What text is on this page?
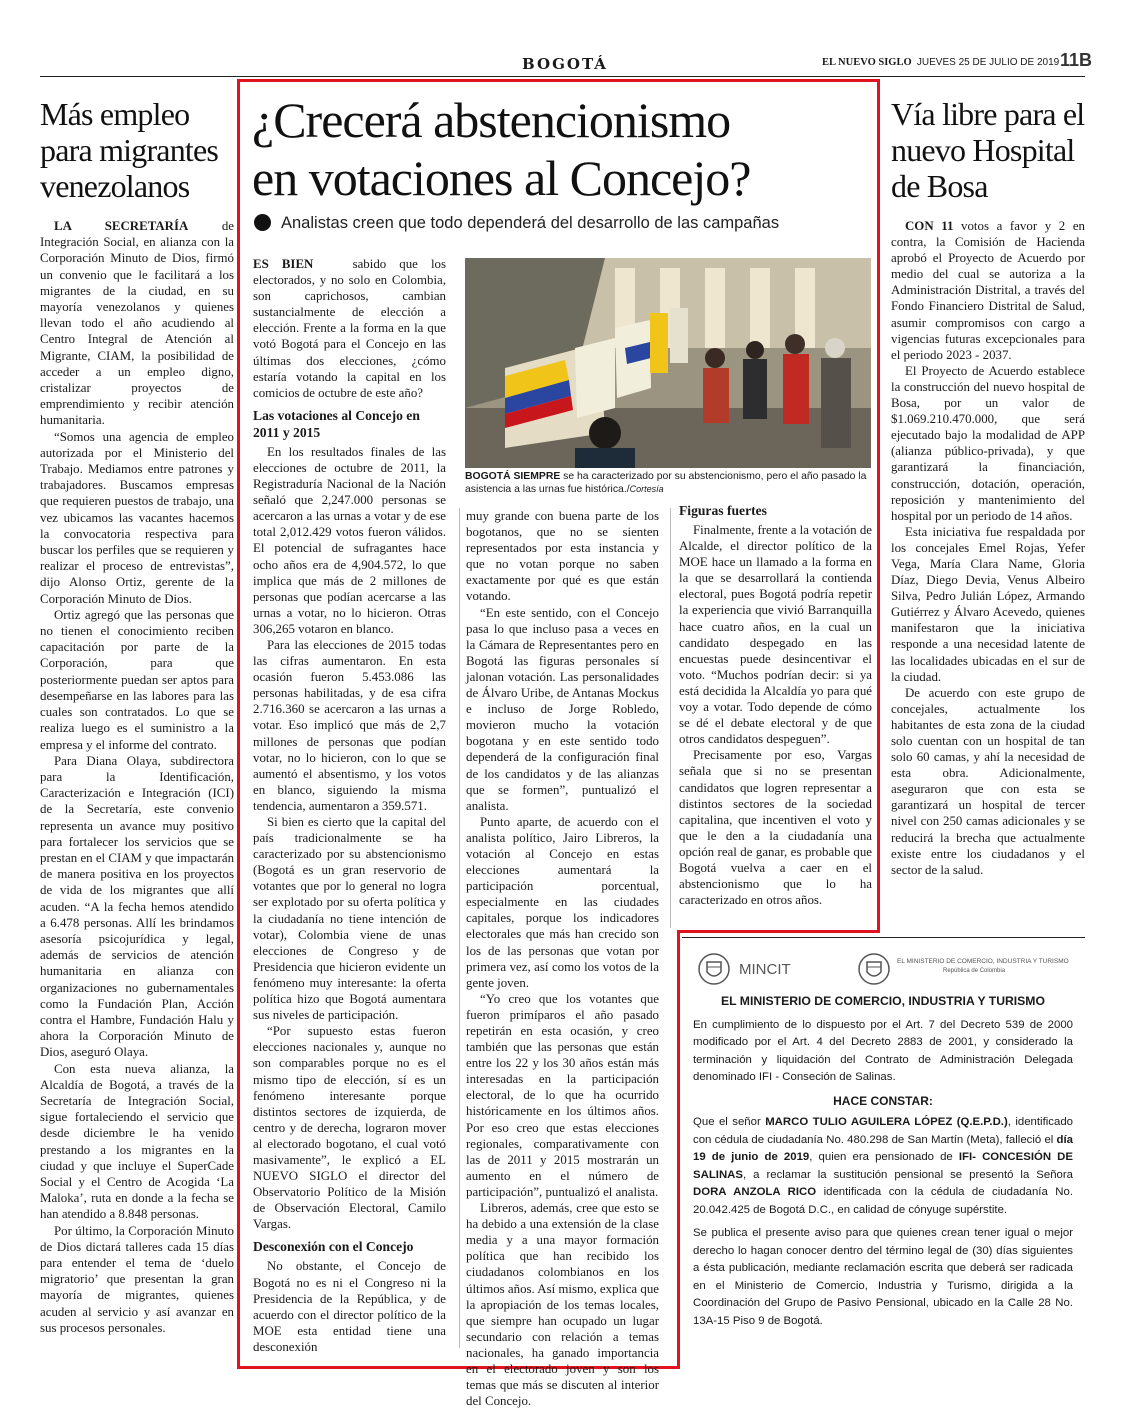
BOGOTÁ	EL NUEVO SIGLO JUEVES 25 DE JULIO DE 2019 11B
Más empleo para migrantes venezolanos

LA SECRETARÍA de Integración Social, en alianza con la Corporación Minuto de Dios, firmó un convenio que le facilitará a los migrantes de la ciudad, en su mayoría venezolanos y quienes llevan todo el año acudiendo al Centro Integral de Atención al Migrante, CIAM, la posibilidad de acceder a un empleo digno, cristalizar proyectos de emprendimiento y recibir atención humanitaria.

“Somos una agencia de empleo autorizada por el Ministerio del Trabajo. Mediamos entre patrones y trabajadores. Buscamos empresas que requieren puestos de trabajo, una vez ubicamos las vacantes hacemos la convocatoria respectiva para buscar los perfiles que se requieren y realizar el proceso de entrevistas”, dijo Alonso Ortiz, gerente de la Corporación Minuto de Dios.

Ortiz agregó que las personas que no tienen el conocimiento reciben capacitación por parte de la Corporación, para que posteriormente puedan ser aptos para desempeñarse en las labores para las cuales son contratados. Lo que se realiza luego es el suministro a la empresa y el informe del contrato.

Para Diana Olaya, subdirectora para la Identificación, Caracterización e Integración (ICI) de la Secretaría, este convenio representa un avance muy positivo para fortalecer los servicios que se prestan en el CIAM y que impactarán de manera positiva en los proyectos de vida de los migrantes que allí acuden. “A la fecha hemos atendido a 6.478 personas. Allí les brindamos asesoría psicojurídica y legal, además de servicios de atención humanitaria en alianza con organizaciones no gubernamentales como la Fundación Plan, Acción contra el Hambre, Fundación Halu y ahora la Corporación Minuto de Dios, aseguró Olaya.

Con esta nueva alianza, la Alcaldía de Bogotá, a través de la Secretaría de Integración Social, sigue fortaleciendo el servicio que desde diciembre le ha venido prestando a los migrantes en la ciudad y que incluye el SuperCade Social y el Centro de Acogida ‘La Maloka’, ruta en donde a la fecha se han atendido a 8.848 personas.

Por último, la Corporación Minuto de Dios dictará talleres cada 15 días para entender el tema de ‘duelo migratorio’ que presentan la gran mayoría de migrantes, quienes acuden al servicio y así avanzar en sus procesos personales.

¿Crecerá abstencionismo
en votaciones al Concejo?
Analistas creen que todo dependerá del desarrollo de las campañas

ES BIEN   sabido que los electorados, y no solo en Colombia, son caprichosos, cambian sustancialmente de elección a elección. Frente a la forma en la que votó Bogotá para el Concejo en las últimas dos elecciones, ¿cómo estaría votando la capital en los comicios de octubre de este año?

Las votaciones al Concejo en 2011 y 2015

En los resultados finales de las elecciones de octubre de 2011, la Registraduría Nacional de la Nación señaló que 2,247.000 personas se acercaron a las urnas a votar y de ese total 2,012.429 votos fueron válidos. El potencial de sufragantes hace ocho años era de 4,904.572, lo que implica que más de 2 millones de personas que podían acercarse a las urnas a votar, no lo hicieron. Otras 306,265 votaron en blanco.

Para las elecciones de 2015 todas las cifras aumentaron. En esta ocasión fueron 5.453.086 las personas habilitadas, y de esa cifra 2.716.360 se acercaron a las urnas a votar. Eso implicó que más de 2,7 millones de personas que podían votar, no lo hicieron, con lo que se aumentó el absentismo, y los votos en blanco, siguiendo la misma tendencia, aumentaron a 359.571.

Si bien es cierto que la capital del país tradicionalmente se ha caracterizado por su abstencionismo (Bogotá es un gran reservorio de votantes que por lo general no logra ser explotado por su oferta política y la ciudadanía no tiene intención de votar), Colombia viene de unas elecciones de Congreso y de Presidencia que hicieron evidente un fenómeno muy interesante: la oferta política hizo que Bogotá aumentara sus niveles de participación.

“Por supuesto estas fueron elecciones nacionales y, aunque no son comparables porque no es el mismo tipo de elección, sí es un fenómeno interesante porque distintos sectores de izquierda, de centro y de derecha, lograron mover al electorado bogotano, el cual votó masivamente”, le explicó a EL NUEVO SIGLO el director del Observatorio Político de la Misión de Observación Electoral, Camilo Vargas.

Desconexión con el Concejo

No obstante, el Concejo de Bogotá no es ni el Congreso ni la Presidencia de la República, y de acuerdo con el director político de la MOE esta entidad tiene una desconexión

BOGOTÁ SIEMPRE se ha caracterizado por su abstencionismo, pero el año pasado la asistencia a las urnas fue histórica./Cortesía

muy grande con buena parte de los bogotanos, que no se sienten representados por esta instancia y que no votan porque no saben exactamente por qué es que están votando.

“En este sentido, con el Concejo pasa lo que incluso pasa a veces en la Cámara de Representantes pero en Bogotá las figuras personales sí jalonan votación. Las personalidades de Álvaro Uribe, de Antanas Mockus e incluso de Jorge Robledo, movieron mucho la votación bogotana y en este sentido todo dependerá de la configuración final de los candidatos y de las alianzas que se formen”, puntualizó el analista.

Punto aparte, de acuerdo con el analista político, Jairo Libreros, la votación al Concejo en estas elecciones aumentará la participación porcentual, especialmente en las ciudades capitales, porque los indicadores electorales que más han crecido son los de las personas que votan por primera vez, así como los votos de la gente joven.

“Yo creo que los votantes que fueron primíparos el año pasado repetirán en esta ocasión, y creo también que las personas que están entre los 22 y los 30 años están más interesadas en la participación electoral, de lo que ha ocurrido históricamente en los últimos años. Por eso creo que estas elecciones regionales, comparativamente con las de 2011 y 2015 mostrarán un aumento en el número de participación”, puntualizó el analista.

Libreros, además, cree que esto se ha debido a una extensión de la clase media y a una mayor formación política que han recibido los ciudadanos colombianos en los últimos años. Así mismo, explica que la apropiación de los temas locales, que siempre han ocupado un lugar secundario con relación a temas nacionales, ha ganado importancia en el electorado joven y son los temas que más se discuten al interior del Concejo.

Figuras fuertes

Finalmente, frente a la votación de Alcalde, el director político de la MOE hace un llamado a la forma en la que se desarrollará la contienda electoral, pues Bogotá podría repetir la experiencia que vivió Barranquilla hace cuatro años, en la cual un candidato despegado en las encuestas puede desincentivar el voto. “Muchos podrían decir: si ya está decidida la Alcaldía yo para qué voy a votar. Todo depende de cómo se dé el debate electoral y de que otros candidatos despeguen”.

Precisamente por eso, Vargas señala que si no se presentan candidatos que logren representar a distintos sectores de la sociedad capitalina, que incentiven el voto y que le den a la ciudadanía una opción real de ganar, es probable que Bogotá vuelva a caer en el abstencionismo que lo ha caracterizado en otros años.

Vía libre para el nuevo Hospital de Bosa

CON 11 votos a favor y 2 en contra, la Comisión de Hacienda aprobó el Proyecto de Acuerdo por medio del cual se autoriza a la Administración Distrital, a través del Fondo Financiero Distrital de Salud, asumir compromisos con cargo a vigencias futuras excepcionales para el periodo 2023 - 2037.

El Proyecto de Acuerdo establece la construcción del nuevo hospital de Bosa, por un valor de $1.069.210.470.000, que será ejecutado bajo la modalidad de APP (alianza público-privada), y que garantizará la financiación, construcción, dotación, operación, reposición y mantenimiento del hospital por un periodo de 14 años.

Esta iniciativa fue respaldada por los concejales Emel Rojas, Yefer Vega, María Clara Name, Gloria Díaz, Diego Devia, Venus Albeiro Silva, Pedro Julián López, Armando Gutiérrez y Álvaro Acevedo, quienes manifestaron que la iniciativa responde a una necesidad latente de las localidades ubicadas en el sur de la ciudad.

De acuerdo con este grupo de concejales, actualmente los habitantes de esta zona de la ciudad solo cuentan con un hospital de tan solo 60 camas, y ahí la necesidad de esta obra. Adicionalmente, aseguraron que con esta se garantizará un hospital de tercer nivel con 250 camas adicionales y se reducirá la brecha que actualmente existe entre los ciudadanos y el sector de la salud.

MINCIT	EL MINISTERIO DE COMERCIO, INDUSTRIA Y TURISMO
República de Colombia
EL MINISTERIO DE COMERCIO, INDUSTRIA Y TURISMO

En cumplimiento de lo dispuesto por el Art. 7 del Decreto 539 de 2000 modificado por el Art. 4 del Decreto 2883 de 2001, y considerado la terminación y liquidación del Contrato de Administración Delegada denominado IFI - Conseción de Salinas.

HACE CONSTAR:

Que el señor MARCO TULIO AGUILERA LÓPEZ (Q.E.P.D.), identificado con cédula de ciudadanía No. 480.298 de San Martín (Meta), falleció el día 19 de junio de 2019, quien era pensionado de IFI- CONCESIÓN DE SALINAS, a reclamar la sustitución pensional se presentó la Señora DORA ANZOLA RICO identificada con la cédula de ciudadanía No. 20.042.425 de Bogotá D.C., en calidad de cónyuge supérstite.

Se publica el presente aviso para que quienes crean tener igual o mejor derecho lo hagan conocer dentro del término legal de (30) días siguientes a ésta publicación, mediante reclamación escrita que deberá ser radicada en el Ministerio de Comercio, Industria y Turismo, dirigida a la Coordinación del Grupo de Pasivo Pensional, ubicado en la Calle 28 No. 13A-15 Piso 9 de Bogotá.
